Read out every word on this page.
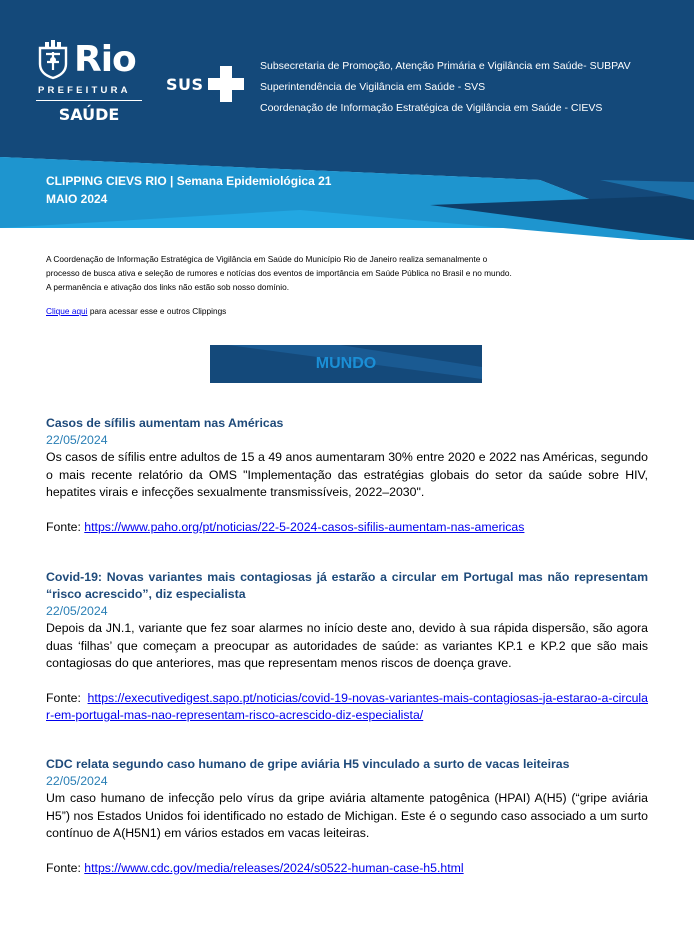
Rio
PREFEITURA
SAÚDE
SUS
Subsecretaria de Promoção, Atenção Primária e Vigilância em Saúde- SUBPAV
Superintendência de Vigilância em Saúde - SVS
Coordenação de Informação Estratégica de Vigilância em Saúde - CIEVS
CLIPPING CIEVS RIO | Semana Epidemiológica 21
MAIO 2024
A Coordenação de Informação Estratégica de Vigilância em Saúde do Município Rio de Janeiro realiza semanalmente o processo de busca ativa e seleção de rumores e notícias dos eventos de importância em Saúde Pública no Brasil e no mundo. A permanência e ativação dos links não estão sob nosso domínio.
Clique aqui para acessar esse e outros Clippings
MUNDO
Casos de sífilis aumentam nas Américas
22/05/2024
Os casos de sífilis entre adultos de 15 a 49 anos aumentaram 30% entre 2020 e 2022 nas Américas, segundo o mais recente relatório da OMS "Implementação das estratégias globais do setor da saúde sobre HIV, hepatites virais e infecções sexualmente transmissíveis, 2022–2030".
Fonte: https://www.paho.org/pt/noticias/22-5-2024-casos-sifilis-aumentam-nas-americas
Covid-19: Novas variantes mais contagiosas já estarão a circular em Portugal mas não representam “risco acrescido”, diz especialista
22/05/2024
Depois da JN.1, variante que fez soar alarmes no início deste ano, devido à sua rápida dispersão, são agora duas ‘filhas’ que começam a preocupar as autoridades de saúde: as variantes KP.1 e KP.2 que são mais contagiosas do que anteriores, mas que representam menos riscos de doença grave.
Fonte: https://executivedigest.sapo.pt/noticias/covid-19-novas-variantes-mais-contagiosas-ja-estarao-a-circular-em-portugal-mas-nao-representam-risco-acrescido-diz-especialista/
CDC relata segundo caso humano de gripe aviária H5 vinculado a surto de vacas leiteiras
22/05/2024
Um caso humano de infecção pelo vírus da gripe aviária altamente patogênica (HPAI) A(H5) (“gripe aviária H5”) nos Estados Unidos foi identificado no estado de Michigan. Este é o segundo caso associado a um surto contínuo de A(H5N1) em vários estados em vacas leiteiras.
Fonte: https://www.cdc.gov/media/releases/2024/s0522-human-case-h5.html
